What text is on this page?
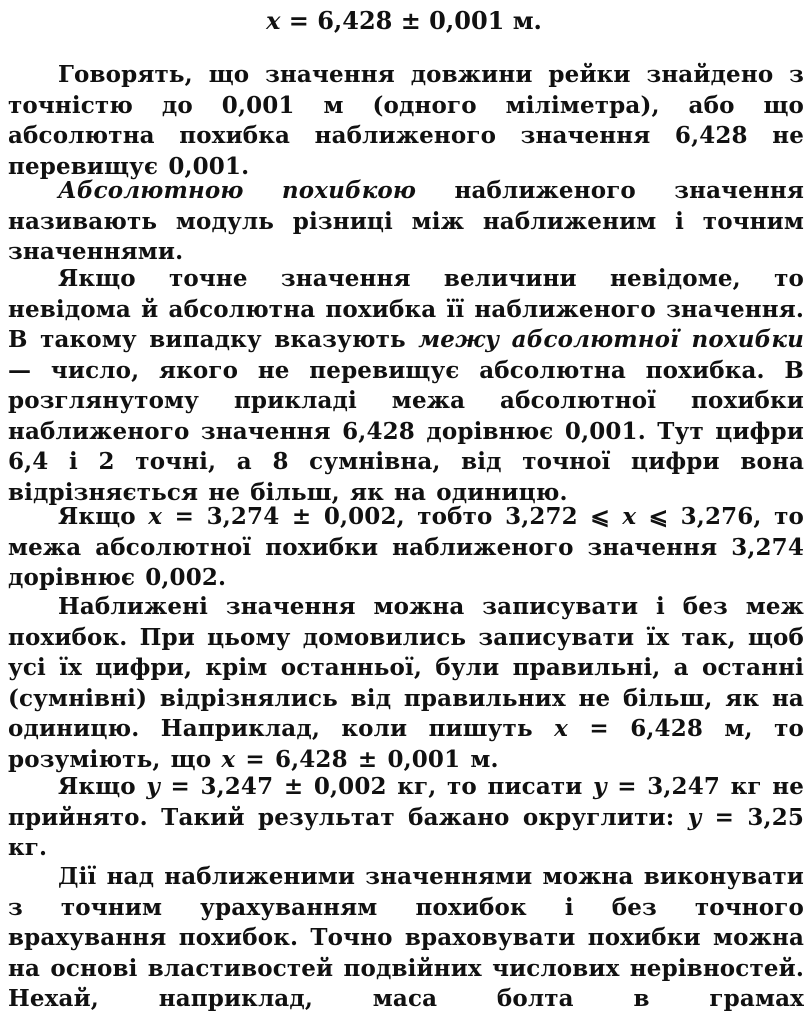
x = 6,428 ± 0,001 м.

Говорять, що значення довжини рейки знайдено з точністю до 0,001 м (одного міліметра), або що абсолютна похибка наближеного значення 6,428 не перевищує 0,001.

Абсолютною похибкою наближеного значення називають модуль різниці між наближеним і точним значеннями.

Якщо точне значення величини невідоме, то невідома й абсолютна похибка її наближеного значення. В такому випадку вказують межу абсолютної похибки — число, якого не перевищує абсолютна похибка. В розглянутому прикладі межа абсолютної похибки наближеного значення 6,428 дорівнює 0,001. Тут цифри 6,4 і 2 точні, а 8 сумнівна, від точної цифри вона відрізняється не більш, як на одиницю.

Якщо x = 3,274 ± 0,002, тобто 3,272 ⩽ x ⩽ 3,276, то межа абсолютної похибки наближеного значення 3,274 дорівнює 0,002.

Наближені значення можна записувати і без меж похибок. При цьому домовились записувати їх так, щоб усі їх цифри, крім останньої, були правильні, а останні (сумнівні) відрізнялись від правильних не більш, як на одиницю. Наприклад, коли пишуть x = 6,428 м, то розуміють, що x = 6,428 ± 0,001 м.

Якщо y = 3,247 ± 0,002 кг, то писати y = 3,247 кг не прийнято. Такий результат бажано округлити: y = 3,25 кг.

Дії над наближеними значеннями можна виконувати з точним урахуванням похибок і без точного врахування похибок. Точно враховувати похибки можна на основі властивостей подвійних числових нерівностей. Нехай, наприклад, маса болта в грамах
